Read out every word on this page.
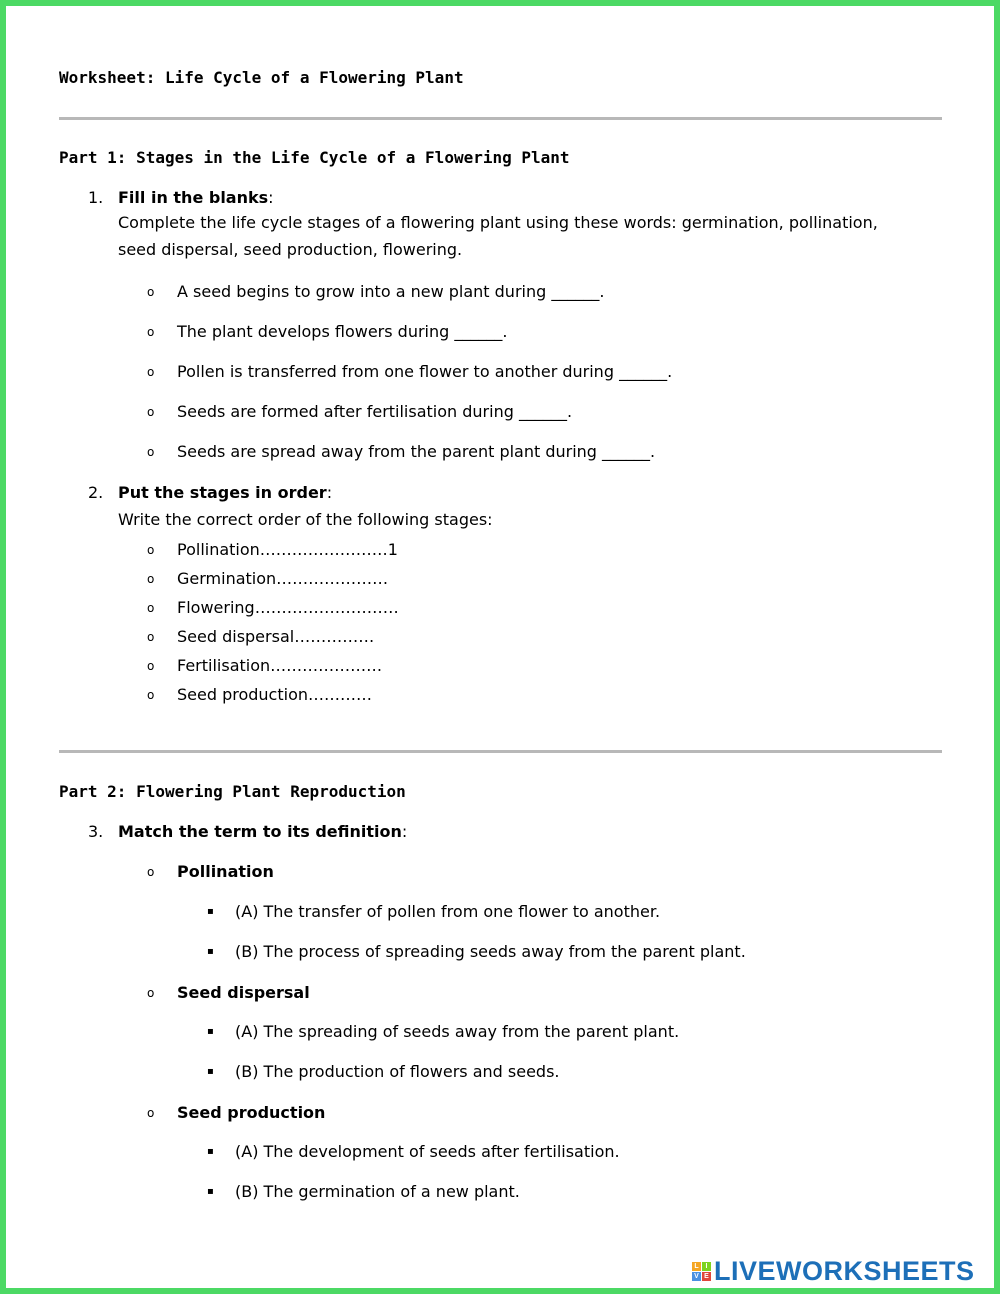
Worksheet: Life Cycle of a Flowering Plant
Part 1: Stages in the Life Cycle of a Flowering Plant
1. Fill in the blanks:
Complete the life cycle stages of a flowering plant using these words: germination, pollination,
seed dispersal, seed production, flowering.
o A seed begins to grow into a new plant during ______.
o The plant develops flowers during ______.
o Pollen is transferred from one flower to another during ______.
o Seeds are formed after fertilisation during ______.
o Seeds are spread away from the parent plant during ______.
2. Put the stages in order:
Write the correct order of the following stages:
o Pollination……………………1
o Germination…………………
o Flowering………………………
o Seed dispersal……………
o Fertilisation…………………
o Seed production…………
Part 2: Flowering Plant Reproduction
3. Match the term to its definition:
o Pollination
▪ (A) The transfer of pollen from one flower to another.
▪ (B) The process of spreading seeds away from the parent plant.
o Seed dispersal
▪ (A) The spreading of seeds away from the parent plant.
▪ (B) The production of flowers and seeds.
o Seed production
▪ (A) The development of seeds after fertilisation.
▪ (B) The germination of a new plant.
L I
V E LIVEWORKSHEETS
